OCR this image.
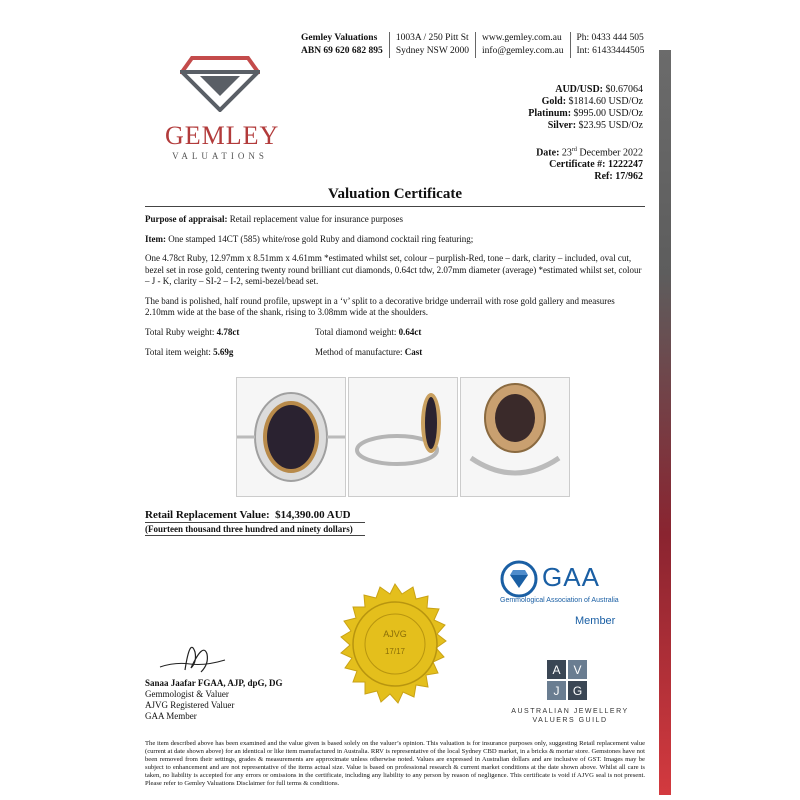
Gemley Valuations
ABN 69 620 682 895
1003A / 250 Pitt St
Sydney NSW 2000
www.gemley.com.au
info@gemley.com.au
Ph: 0433 444 505
Int: 61433444505
GEMLEY
VALUATIONS
AUD/USD: $0.67064
Gold: $1814.60 USD/Oz
Platinum: $995.00 USD/Oz
Silver: $23.95 USD/Oz
Date: 23rd December 2022
Certificate #: 1222247
Ref: 17/962
Valuation Certificate

Purpose of appraisal: Retail replacement value for insurance purposes

Item: One stamped 14CT (585) white/rose gold Ruby and diamond cocktail ring featuring;

One 4.78ct Ruby, 12.97mm x 8.51mm x 4.61mm *estimated whilst set, colour – purplish-Red, tone – dark, clarity – included, oval cut, bezel set in rose gold, centering twenty round brilliant cut diamonds, 0.64ct tdw, 2.07mm diameter (average) *estimated whilst set, colour – J - K, clarity – SI-2 – I-2, semi-bezel/bead set.

The band is polished, half round profile, upswept in a ‘v’ split to a decorative bridge underrail with rose gold gallery and measures 2.10mm wide at the base of the shank, rising to 3.08mm wide at the shoulders.

Total Ruby weight: 4.78ct	Total diamond weight: 0.64ct
Total item weight: 5.69g	Method of manufacture: Cast
Retail Replacement Value: $14,390.00 AUD
(Fourteen thousand three hundred and ninety dollars)
Sanaa Jaafar FGAA, AJP, dpG, DG
Gemmologist & Valuer
AJVG Registered Valuer
GAA Member
AJVG
17/17
GAA
Gemmological Association of Australia
Member
A V
J G
AUSTRALIAN JEWELLERY
VALUERS GUILD
The item described above has been examined and the value given is based solely on the valuer’s opinion. This valuation is for insurance purposes only, suggesting Retail replacement value (current at date shown above) for an identical or like item manufactured in Australia. RRV is representative of the local Sydney CBD market, in a bricks & mortar store. Gemstones have not been removed from their settings, grades & measurements are approximate unless otherwise noted. Values are expressed in Australian dollars and are inclusive of GST. Images may be subject to enhancement and are not representative of the items actual size. Value is based on professional research & current market conditions at the date shown above. Whilst all care is taken, no liability is accepted for any errors or omissions in the certificate, including any liability to any person by reason of negligence. This certificate is void if AJVG seal is not present. Please refer to Gemley Valuations Disclaimer for full terms & conditions.
